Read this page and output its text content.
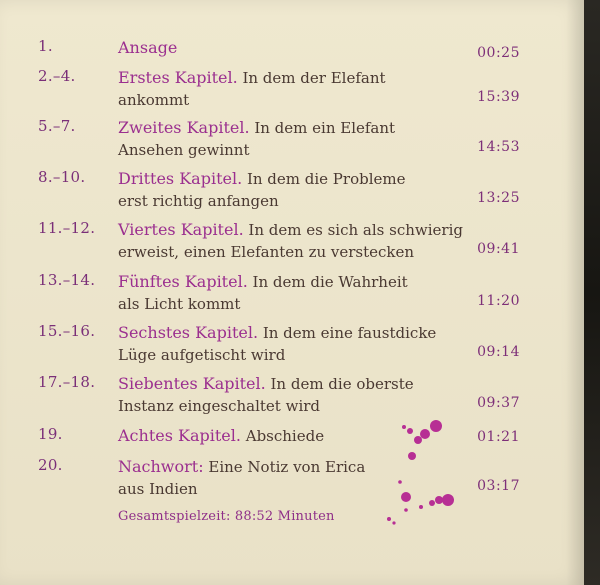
1.	Ansage	00:25
2.–4.	Erstes Kapitel. In dem der Elefant
ankommt	15:39
5.–7.	Zweites Kapitel. In dem ein Elefant
Ansehen gewinnt	14:53
8.–10. Drittes Kapitel. In dem die Probleme
erst richtig anfangen	13:25
11.–12. Viertes Kapitel. In dem es sich als schwierig
erweist, einen Elefanten zu verstecken	09:41
13.–14. Fünftes Kapitel. In dem die Wahrheit
als Licht kommt	11:20
15.–16. Sechstes Kapitel. In dem eine faustdicke
Lüge aufgetischt wird	09:14
17.–18. Siebentes Kapitel. In dem die oberste
Instanz eingeschaltet wird	09:37
19.	Achtes Kapitel. Abschiede	01:21
20.	Nachwort: Eine Notiz von Erica
aus Indien	03:17
Gesamtspielzeit: 88:52 Minuten
